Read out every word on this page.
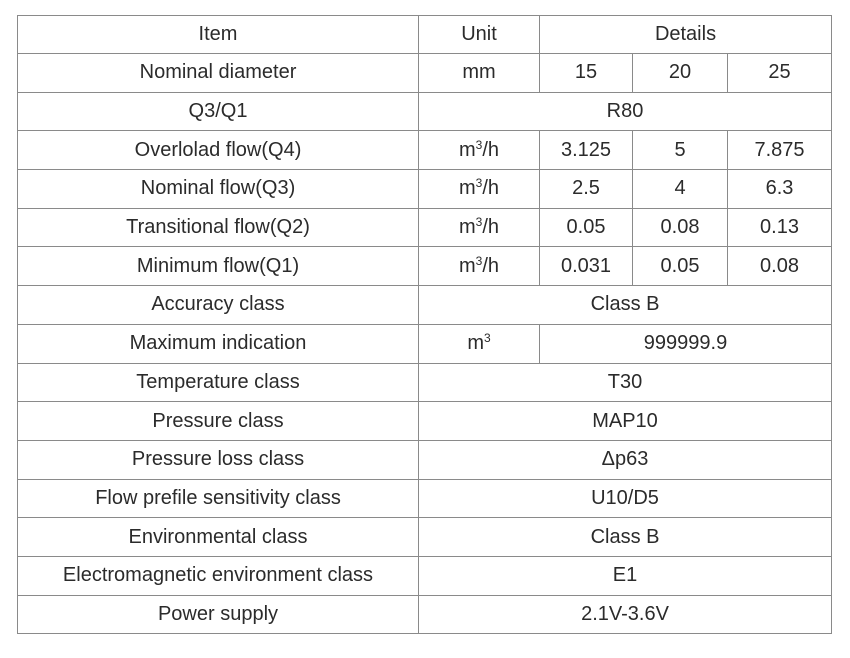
Item	Unit	Details		
Nominal diameter	mm	15	20	25
Q3/Q1	R80			
Overlolad flow(Q4)	$m^3/h$	3.125	5	7.875
Nominal flow(Q3)	$m^3/h$	2.5	4	6.3
Transitional flow(Q2)	$m^3/h$	0.05	0.08	0.13
Minimum flow(Q1)	$m^3/h$	0.031	0.05	0.08
Accuracy class	Class B			
Maximum indication	$m^3$	999999.9		
Temperature class	T30			
Pressure class	MAP10			
Pressure loss class	Δp63			
Flow prefile sensitivity class	U10/D5			
Environmental class	Class B			
Electromagnetic environment class	E1			
Power supply	2.1V-3.6V			
